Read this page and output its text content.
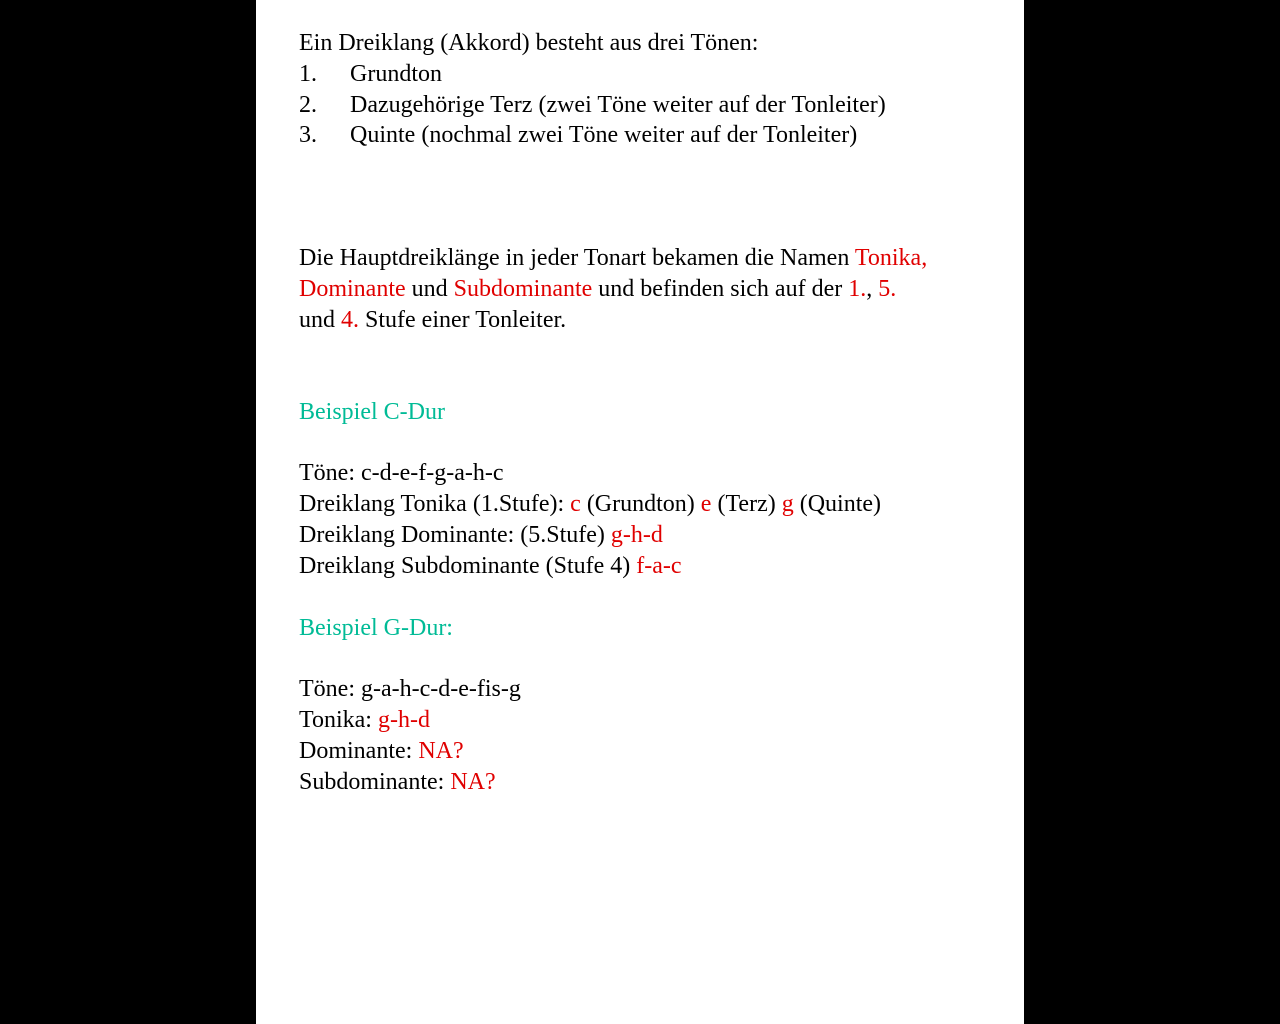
Ein Dreiklang (Akkord) besteht aus drei Tönen:
1.	Grundton
2.	Dazugehörige Terz (zwei Töne weiter auf der Tonleiter)
3.	Quinte (nochmal zwei Töne weiter auf der Tonleiter)

Die Hauptdreiklänge in jeder Tonart bekamen die Namen Tonika,
Dominante und Subdominante und befinden sich auf der 1., 5.
und 4. Stufe einer Tonleiter.

Beispiel C-Dur
Töne: c-d-e-f-g-a-h-c
Dreiklang Tonika (1.Stufe): c (Grundton) e (Terz) g (Quinte)
Dreiklang Dominante: (5.Stufe) g-h-d
Dreiklang Subdominante (Stufe 4) f-a-c
Beispiel G-Dur:
Töne: g-a-h-c-d-e-fis-g
Tonika: g-h-d
Dominante: NA?
Subdominante: NA?
